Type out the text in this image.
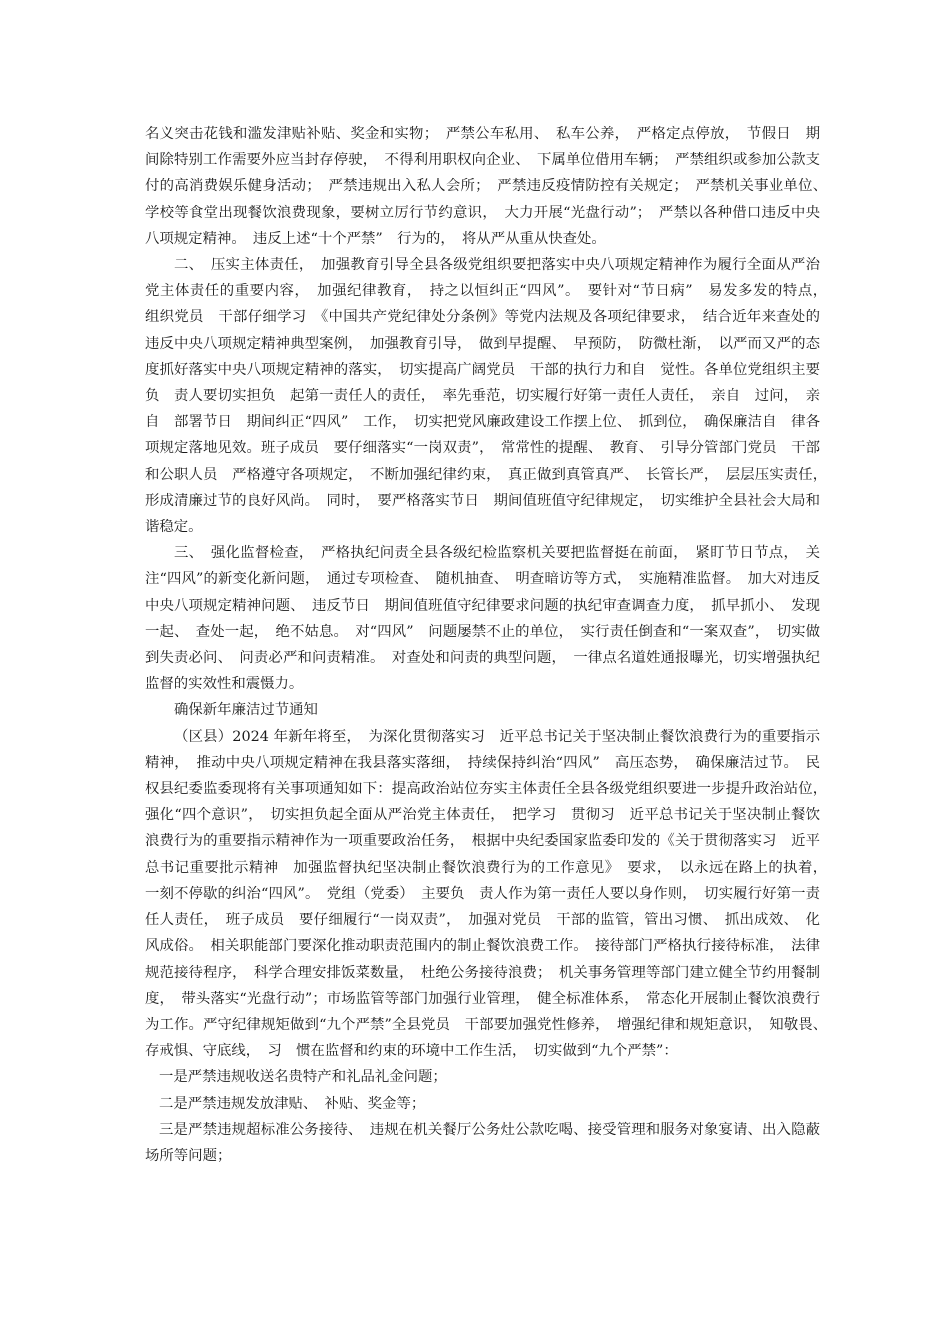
名义突击花钱和滥发津贴补贴、奖金和实物；　严禁公车私用、　私车公养，　严格定点停放，　节假日　期间除特别工作需要外应当封存停驶，　不得利用职权向企业、　下属单位借用车辆；　严禁组织或参加公款支付的高消费娱乐健身活动；　严禁违规出入私人会所；　严禁违反疫情防控有关规定；　严禁机关事业单位、　学校等食堂出现餐饮浪费现象，要树立厉行节约意识，　大力开展“光盘行动”；　严禁以各种借口违反中央八项规定精神。　违反上述“十个严禁”　行为的，　将从严从重从快查处。

二、　压实主体责任，　加强教育引导全县各级党组织要把落实中央八项规定精神作为履行全面从严治党主体责任的重要内容，　加强纪律教育，　持之以恒纠正“四风”。　要针对“节日病”　易发多发的特点，　组织党员　干部仔细学习　《中国共产党纪律处分条例》等党内法规及各项纪律要求，　结合近年来查处的违反中央八项规定精神典型案例，　加强教育引导，　做到早提醒、　早预防，　防微杜渐，　以严而又严的态度抓好落实中央八项规定精神的落实，　切实提高广阔党员　干部的执行力和自　觉性。各单位党组织主要负　责人要切实担负　起第一责任人的责任，　率先垂范，切实履行好第一责任人责任，　亲自　过问，　亲自　部署节日　期间纠正“四风”　工作，　切实把党风廉政建设工作摆上位、　抓到位，　确保廉洁自　律各项规定落地见效。班子成员　要仔细落实“一岗双责”，　常常性的提醒、　教育、　引导分管部门党员　干部和公职人员　严格遵守各项规定，　不断加强纪律约束，　真正做到真管真严、　长管长严，　层层压实责任，　形成清廉过节的良好风尚。　同时，　要严格落实节日　期间值班值守纪律规定，　切实维护全县社会大局和谐稳定。

三、　强化监督检查，　严格执纪问责全县各级纪检监察机关要把监督挺在前面，　紧盯节日节点，　关注“四风”的新变化新问题，　通过专项检查、　随机抽查、　明查暗访等方式，　实施精准监督。　加大对违反中央八项规定精神问题、　违反节日　期间值班值守纪律要求问题的执纪审查调查力度，　抓早抓小、　发现一起、　查处一起，　绝不姑息。　对“四风”　问题屡禁不止的单位，　实行责任倒查和“一案双查”，　切实做到失责必问、　问责必严和问责精准。　对查处和问责的典型问题，　一律点名道姓通报曝光，切实增强执纪监督的实效性和震慑力。

确保新年廉洁过节通知

（区县）2024 年新年将至，　为深化贯彻落实习　近平总书记关于坚决制止餐饮浪费行为的重要指示精神，　推动中央八项规定精神在我县落实落细，　持续保持纠治“四风”　高压态势，　确保廉洁过节。　民权县纪委监委现将有关事项通知如下：提高政治站位夯实主体责任全县各级党组织要进一步提升政治站位，　强化“四个意识”，　切实担负起全面从严治党主体责任，　把学习　贯彻习　近平总书记关于坚决制止餐饮浪费行为的重要指示精神作为一项重要政治任务，　根据中央纪委国家监委印发的《关于贯彻落实习　近平总书记重要批示精神　加强监督执纪坚决制止餐饮浪费行为的工作意见》　要求，　以永远在路上的执着，　一刻不停歇的纠治“四风”。　党组（党委）　主要负　责人作为第一责任人要以身作则，　切实履行好第一责任人责任，　班子成员　要仔细履行“一岗双责”，　加强对党员　干部的监管，管出习惯、　抓出成效、　化风成俗。　相关职能部门要深化推动职责范围内的制止餐饮浪费工作。　接待部门严格执行接待标准，　法律规范接待程序，　科学合理安排饭菜数量，　杜绝公务接待浪费；　机关事务管理等部门建立健全节约用餐制度，　带头落实“光盘行动”；市场监管等部门加强行业管理，　健全标准体系，　常态化开展制止餐饮浪费行为工作。严守纪律规矩做到“九个严禁”全县党员　干部要加强党性修养，　增强纪律和规矩意识，　知敬畏、　存戒惧、守底线，　习　惯在监督和约束的环境中工作生活，　切实做到“九个严禁”：

一是严禁违规收送名贵特产和礼品礼金问题；

二是严禁违规发放津贴、　补贴、奖金等；

三是严禁违规超标准公务接待、　违规在机关餐厅公务灶公款吃喝、接受管理和服务对象宴请、出入隐蔽场所等问题；
